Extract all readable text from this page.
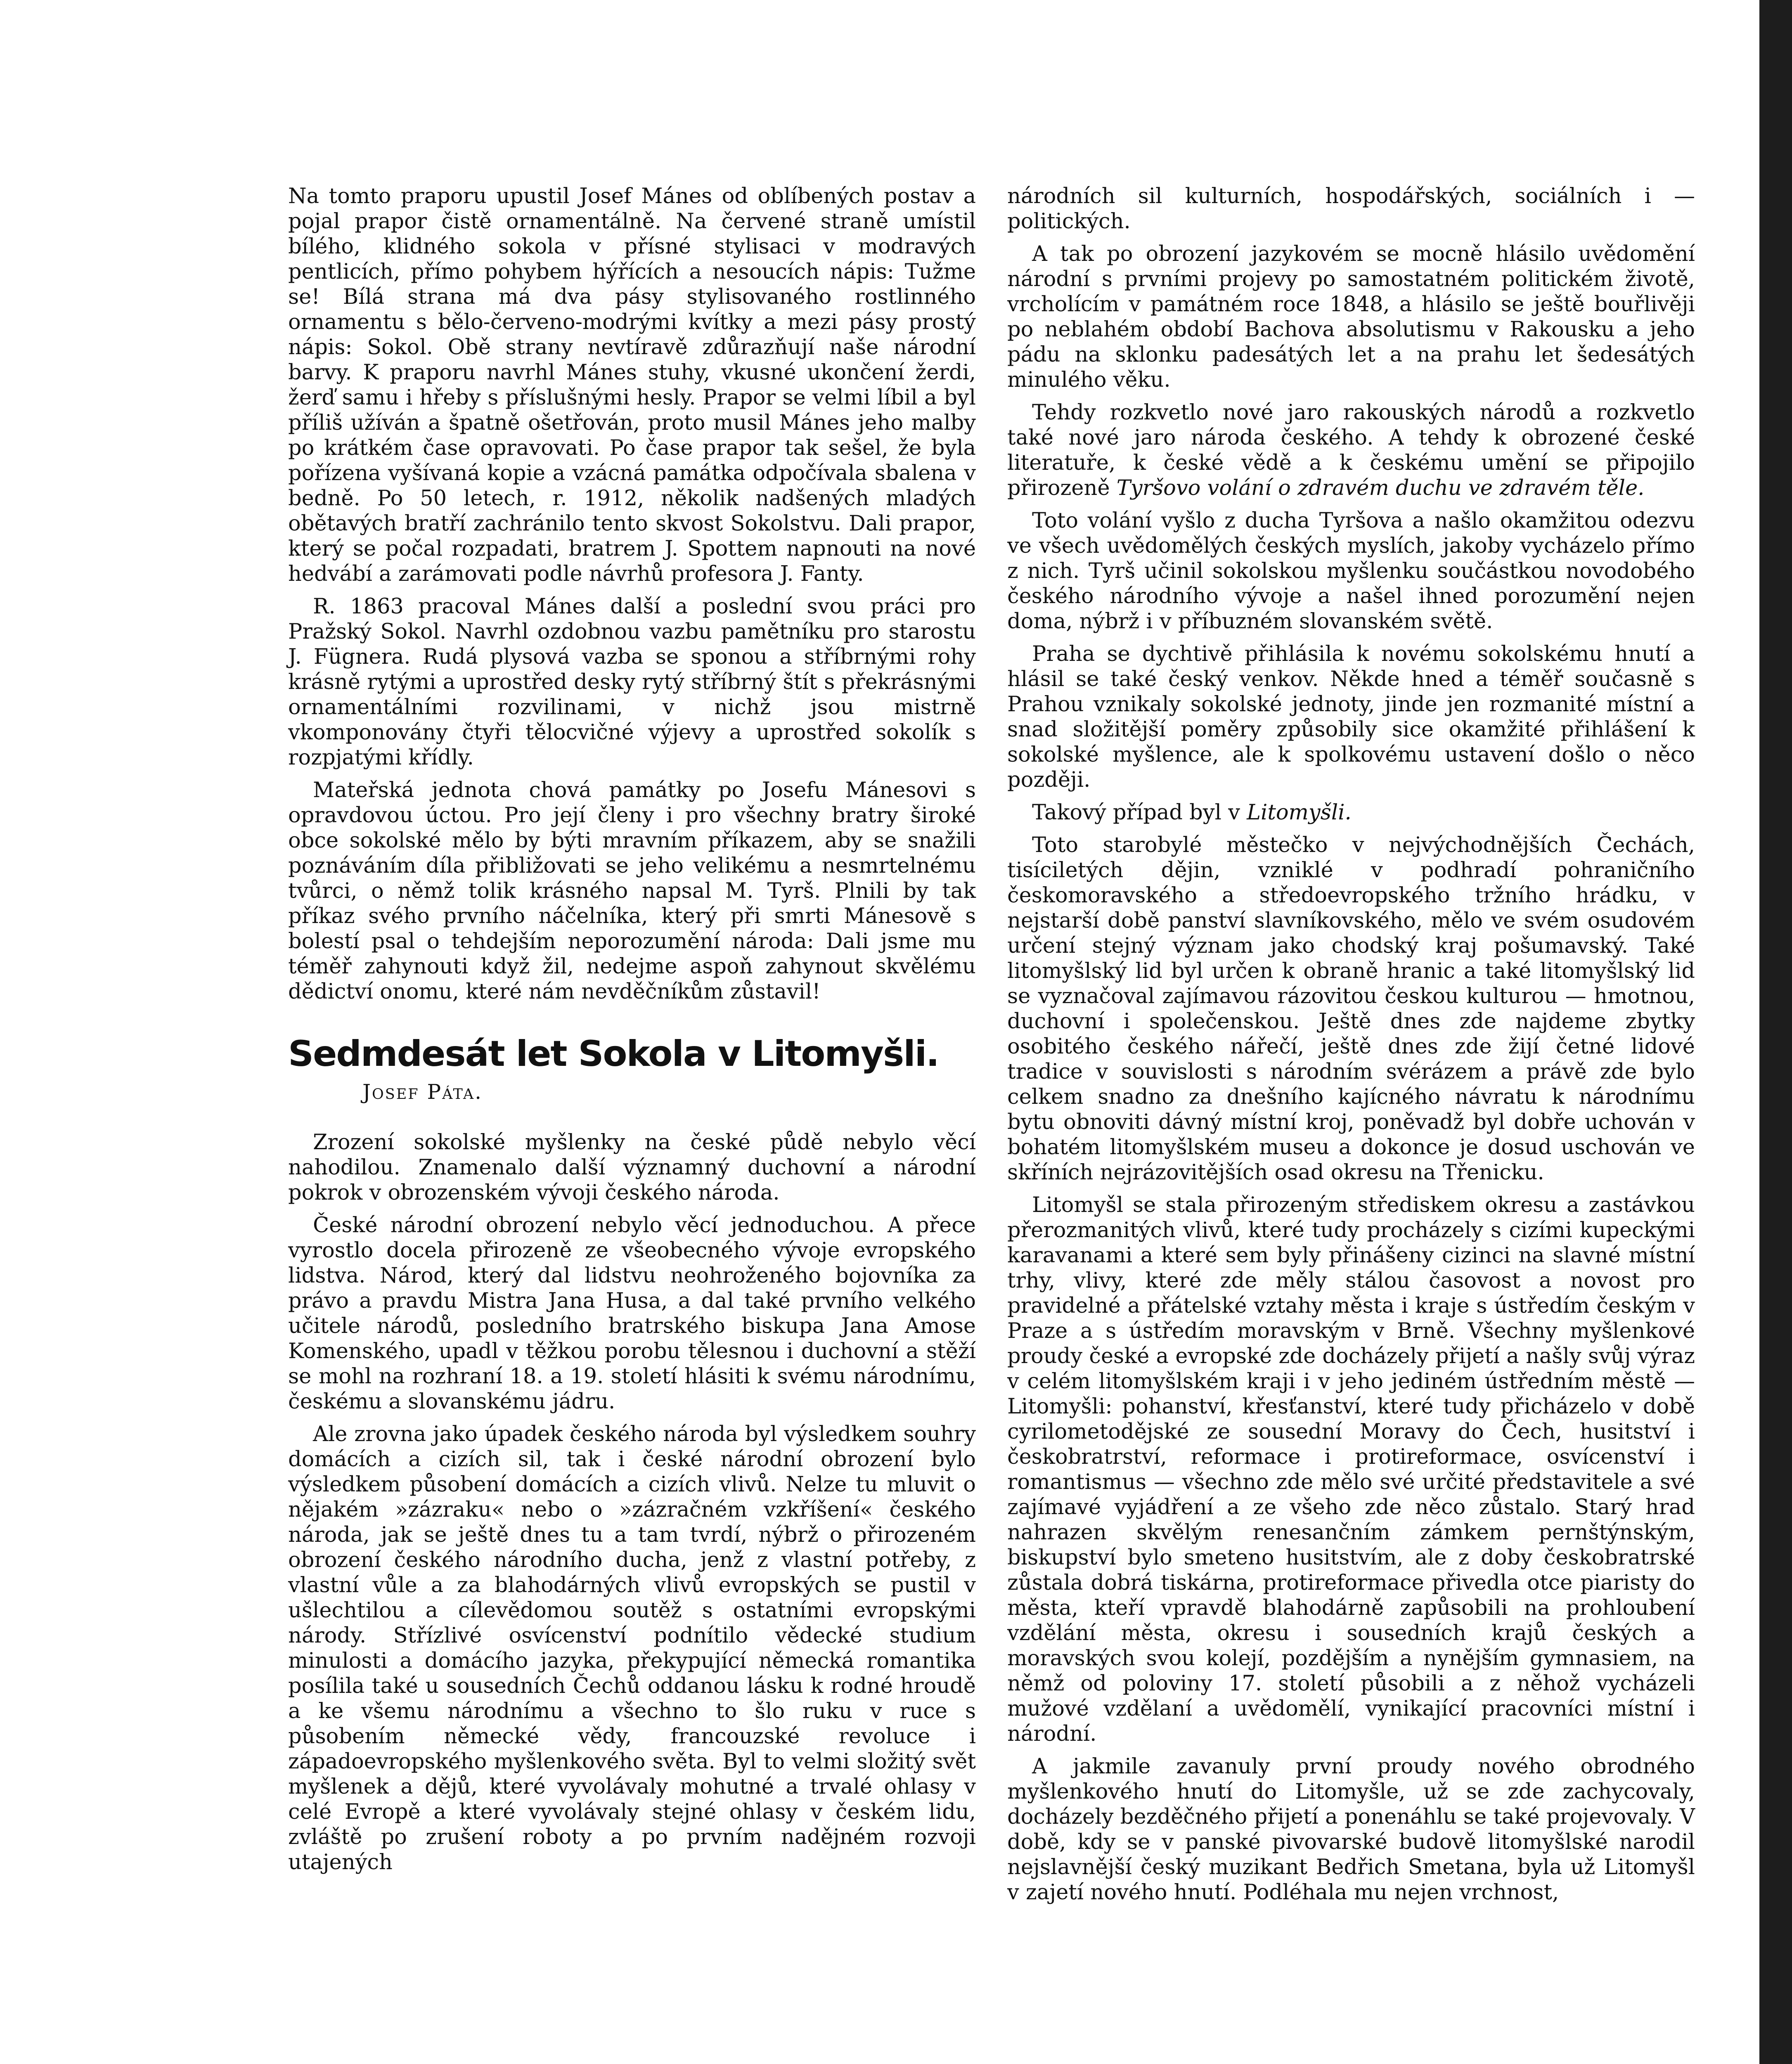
Na tomto praporu upustil Josef Mánes od oblíbených postav a pojal prapor čistě ornamentálně. Na červené straně umístil bílého, klidného sokola v přísné stylisaci v modravých pentlicích, přímo pohybem hýřících a nesoucích nápis: Tužme se! Bílá strana má dva pásy stylisovaného rostlinného ornamentu s bělo-červeno-modrými kvítky a mezi pásy prostý nápis: Sokol. Obě strany nevtíravě zdůrazňují naše národní barvy. K praporu navrhl Mánes stuhy, vkusné ukončení žerdi, žerď samu i hřeby s příslušnými hesly. Prapor se velmi líbil a byl příliš užíván a špatně ošetřován, proto musil Mánes jeho malby po krátkém čase opravovati. Po čase prapor tak sešel, že byla pořízena vyšívaná kopie a vzácná památka odpočívala sbalena v bedně. Po 50 letech, r. 1912, několik nadšených mladých obětavých bratří zachránilo tento skvost Sokolstvu. Dali prapor, který se počal rozpadati, bratrem J. Spottem napnouti na nové hedvábí a zarámovati podle návrhů profesora J. Fanty.

R. 1863 pracoval Mánes další a poslední svou práci pro Pražský Sokol. Navrhl ozdobnou vazbu pamětníku pro starostu J. Fügnera. Rudá plysová vazba se sponou a stříbrnými rohy krásně rytými a uprostřed desky rytý stříbrný štít s překrásnými ornamentálními rozvilinami, v nichž jsou mistrně vkomponovány čtyři tělocvičné výjevy a uprostřed sokolík s rozpjatými křídly.

Mateřská jednota chová památky po Josefu Mánesovi s opravdovou úctou. Pro její členy i pro všechny bratry široké obce sokolské mělo by býti mravním příkazem, aby se snažili poznáváním díla přibližovati se jeho velikému a nesmrtelnému tvůrci, o němž tolik krásného napsal M. Tyrš. Plnili by tak příkaz svého prvního náčelníka, který při smrti Mánesově s bolestí psal o tehdejším neporozumění národa: Dali jsme mu téměř zahynouti když žil, nedejme aspoň zahynout skvělému dědictví onomu, které nám nevděčníkům zůstavil!

Sedmdesát let Sokola v Litomyšli.
Josef Páta.

Zrození sokolské myšlenky na české půdě nebylo věcí nahodilou. Znamenalo další významný duchovní a národní pokrok v obrozenském vývoji českého národa.

České národní obrození nebylo věcí jednoduchou. A přece vyrostlo docela přirozeně ze všeobecného vývoje evropského lidstva. Národ, který dal lidstvu neohroženého bojovníka za právo a pravdu Mistra Jana Husa, a dal také prvního velkého učitele národů, posledního bratrského biskupa Jana Amose Komenského, upadl v těžkou porobu tělesnou i duchovní a stěží se mohl na rozhraní 18. a 19. století hlásiti k svému národnímu, českému a slovanskému jádru.

Ale zrovna jako úpadek českého národa byl výsledkem souhry domácích a cizích sil, tak i české národní obrození bylo výsledkem působení domácích a cizích vlivů. Nelze tu mluvit o nějakém »zázraku« nebo o »zázračném vzkříšení« českého národa, jak se ještě dnes tu a tam tvrdí, nýbrž o přirozeném obrození českého národního ducha, jenž z vlastní potřeby, z vlastní vůle a za blahodárných vlivů evropských se pustil v ušlechtilou a cílevědomou soutěž s ostatními evropskými národy. Střízlivé osvícenství podnítilo vědecké studium minulosti a domácího jazyka, překypující německá romantika posílila také u sousedních Čechů oddanou lásku k rodné hroudě a ke všemu národnímu a všechno to šlo ruku v ruce s působením německé vědy, francouzské revoluce i západoevropského myšlenkového světa. Byl to velmi složitý svět myšlenek a dějů, které vyvolávaly mohutné a trvalé ohlasy v celé Evropě a které vyvolávaly stejné ohlasy v českém lidu, zvláště po zrušení roboty a po prvním nadějném rozvoji utajených

národních sil kulturních, hospodářských, sociálních i — politických.

A tak po obrození jazykovém se mocně hlásilo uvědomění národní s prvními projevy po samostatném politickém životě, vrcholícím v památném roce 1848, a hlásilo se ještě bouřlivěji po neblahém období Bachova absolutismu v Rakousku a jeho pádu na sklonku padesátých let a na prahu let šedesátých minulého věku.

Tehdy rozkvetlo nové jaro rakouských národů a rozkvetlo také nové jaro národa českého. A tehdy k obrozené české literatuře, k české vědě a k českému umění se připojilo přirozeně Tyršovo volání o zdravém duchu ve zdravém těle.

Toto volání vyšlo z ducha Tyršova a našlo okamžitou odezvu ve všech uvědomělých českých myslích, jakoby vycházelo přímo z nich. Tyrš učinil sokolskou myšlenku součástkou novodobého českého národního vývoje a našel ihned porozumění nejen doma, nýbrž i v příbuzném slovanském světě.

Praha se dychtivě přihlásila k novému sokolskému hnutí a hlásil se také český venkov. Někde hned a téměř současně s Prahou vznikaly sokolské jednoty, jinde jen rozmanité místní a snad složitější poměry způsobily sice okamžité přihlášení k sokolské myšlence, ale k spolkovému ustavení došlo o něco později.

Takový případ byl v Litomyšli.

Toto starobylé městečko v nejvýchodnějších Čechách, tisíciletých dějin, vzniklé v podhradí pohraničního českomoravského a středoevropského tržního hrádku, v nejstarší době panství slavníkovského, mělo ve svém osudovém určení stejný význam jako chodský kraj pošumavský. Také litomyšlský lid byl určen k obraně hranic a také litomyšlský lid se vyznačoval zajímavou rázovitou českou kulturou — hmotnou, duchovní i společenskou. Ještě dnes zde najdeme zbytky osobitého českého nářečí, ještě dnes zde žijí četné lidové tradice v souvislosti s národním svérázem a právě zde bylo celkem snadno za dnešního kajícného návratu k národnímu bytu obnoviti dávný místní kroj, poněvadž byl dobře uchován v bohatém litomyšlském museu a dokonce je dosud uschován ve skříních nejrázovitějších osad okresu na Třenicku.

Litomyšl se stala přirozeným střediskem okresu a zastávkou přerozmanitých vlivů, které tudy procházely s cizími kupeckými karavanami a které sem byly přinášeny cizinci na slavné místní trhy, vlivy, které zde měly stálou časovost a novost pro pravidelné a přátelské vztahy města i kraje s ústředím českým v Praze a s ústředím moravským v Brně. Všechny myšlenkové proudy české a evropské zde docházely přijetí a našly svůj výraz v celém litomyšlském kraji i v jeho jediném ústředním městě — Litomyšli: pohanství, křesťanství, které tudy přicházelo v době cyrilometodějské ze sousední Moravy do Čech, husitství i českobratrství, reformace i protireformace, osvícenství i romantismus — všechno zde mělo své určité představitele a své zajímavé vyjádření a ze všeho zde něco zůstalo. Starý hrad nahrazen skvělým renesančním zámkem pernštýnským, biskupství bylo smeteno husitstvím, ale z doby českobratrské zůstala dobrá tiskárna, protireformace přivedla otce piaristy do města, kteří vpravdě blahodárně zapůsobili na prohloubení vzdělání města, okresu i sousedních krajů českých a moravských svou kolejí, pozdějším a nynějším gymnasiem, na němž od poloviny 17. století působili a z něhož vycházeli mužové vzdělaní a uvědomělí, vynikající pracovníci místní i národní.

A jakmile zavanuly první proudy nového obrodného myšlenkového hnutí do Litomyšle, už se zde zachycovaly, docházely bezděčného přijetí a ponenáhlu se také projevovaly. V době, kdy se v panské pivovarské budově litomyšlské narodil nejslavnější český muzikant Bedřich Smetana, byla už Litomyšl v zajetí nového hnutí. Podléhala mu nejen vrchnost,
